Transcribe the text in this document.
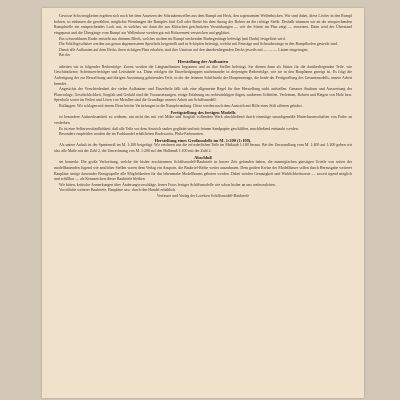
Gewisse Schwierigkeiten ergeben sich noch bei dem Ansetzen der Schraubenwellen aus dem Rumpf am Heck, den sogenannten Wellenböcken. Wir sind dabei, diese Löcher in den Rumpf bohren, so einbauen die gewählten, möglichst Wendungen die Rumpfes fünf Zoll oder Breite bis dem Anzug der Bohrer an die richtige Stelle. Deshalb stimmen wir an der entsprechenden Rumpfstelle ein entsprechendes Loch aus, in welches wir dann die aus Klötzchen geschnitzten Verstärkungen — wie der Stiene im Plan zeigt — einsetzen. Dann wird der Überstand eingepasst und die Übergänge vom Rumpf zur Wellenhose werden gut mit Holzzement verstrichen und geglättet.

Ein schwenkbares Ruder entsteht aus dünnem Blech, welches an dem im Rumpf steckenden Rudergestänge befestigt (mit Draht) festgelötet wird.

Die Schiffsgeschütze werden aus genau abgemessenen Sperrholz hergestellt und in Schöpfen befestigt, welche mit Feinsäge und Schraubzwinge in den Rumpfboden gesteckt sind.

Damit alle Aufbauten auf dem Decks ihren richtigen Platz erhalten, sind ihre Umrisse auf den danebenliegenden Decks jeweils mit — — — Linien eingetragen.

Bei der

Herstellung der Aufbauten

arbeiten wir in folgender Reihenfolge: Zuerst werden die Längsaufbauten begonnen und an ihre Stellen befestigt. Sie dienen dann als Stütze für die darüberliegenden Teile, wie Geschütztürme, Scheinwerferträger und Leitstände u.a. Dann erfolgen die Einzelteilgruppen nacheinander in derjenigen Reihenfolge, wie sie in den Bauplänen gezeigt ist. Es folgt die Anfertigung der zur Bewaffnung und übrigen Ausrüstung gehörenden Teile, in der die feineren Schiffsteile der Hauptmontage, die beide der Fertigstellung des Gesamtmodells, unsere Arbeit beendet.

Angesichts der Verschiedenheit der vielen Aufbauten- und Einzelteile fällt sich eine allgemeine Regel für ihre Herstellung nicht aufstellen. Genaues Studium und Auswertung der Planvorlage, Geschicklichkeit, Sorgfalt und Geduld sind die Voraussetzungen, einige Erfahrung im rechtwinkligen Sägen, sauberem Schleifen, Verleimen, Bohren und Biegen von Holz bzw. Sperrholz sowie im Feilen und Löten von Metallen sind die Grundlage unserer Arbeit am Schiffsmodell.

Bullaugen: Wir schlagen mit einem Dorn leichte Vertiefungen in die Rumpfwandung. Diese werden nach dem Anstrich mit Hilfe einer Stift offenen gebohrt.

Fertigstellung des fertigen Modells

ist besondere Aufmerksamkeit zu widmen, um nicht das mit viel Mühe und Sorgfalt vollendete Werk abschließend durch einseitige unsachgemäße Hinterlassenschaften von Farbe zu verderben.

Es ist eine Selbstverständlichkeit, daß alle Teile vor dem Anstrich sauber geglättet und mit feinem Sandpapier geschliffen, anschließend entstaubt werden.

Besonders empfehlen werden die im Fachhandel erhältlichen Buchwachs, Phila-Farbenarten.

Herstellung eines Großmodells im M. 1:200 (1:100).

Als untere Anhalt ist der Spantenriß im M. 1:200 beigefügt. Wir zeichnen uns die erforderlichen Teile im Maßstab 1:100 heraus. Bei der Umwandlung vom M. 1:400 auf 1:200 gehen wir also alle Maße mit der Zahl 2, die Umrechnung von M. 1:200 auf den Halbmaß 1:100 mit der Zahl 2.

Abschluß

sei bemerkt: Die große Verbreitung, welche die bisher erschienenen Schiffsmodell-Baubriefe in kurzer Zeit gefunden haben, die mannigfachen günstigen Urteile von seiten der modellbauenden Jugend wie amtlicher Stellen waren dem Verlag ein Ansporn, die Baubrief-Reihe weiter auszubauen. Dem großen Kreise der Modellbauer sollen durch Herausgabe weiterer Baupläne stetige dauernder Bezugsquelle alle Möglichkeiten für das lebensnahe Modellbauen geboten werden. Dabei werden Genauigkeit und Wirklichkeitstreue — soweit irgend möglich und erfüllbar — als Kennzeichen dieser Baubriefe bleiben.

Wir bitten, kritische Anmerkungen über Änderungsvorschläge, ferner Fotos fertiger Schiffsmodelle wie schon bisher an uns weiterzuleiten.

Vorrätliche weiterer Baubriefe, Baupläne usw. durch den Handel erhältlich.

Verfasser und Verlag der Lorelsen Schiffsmodell-Baubriefe
